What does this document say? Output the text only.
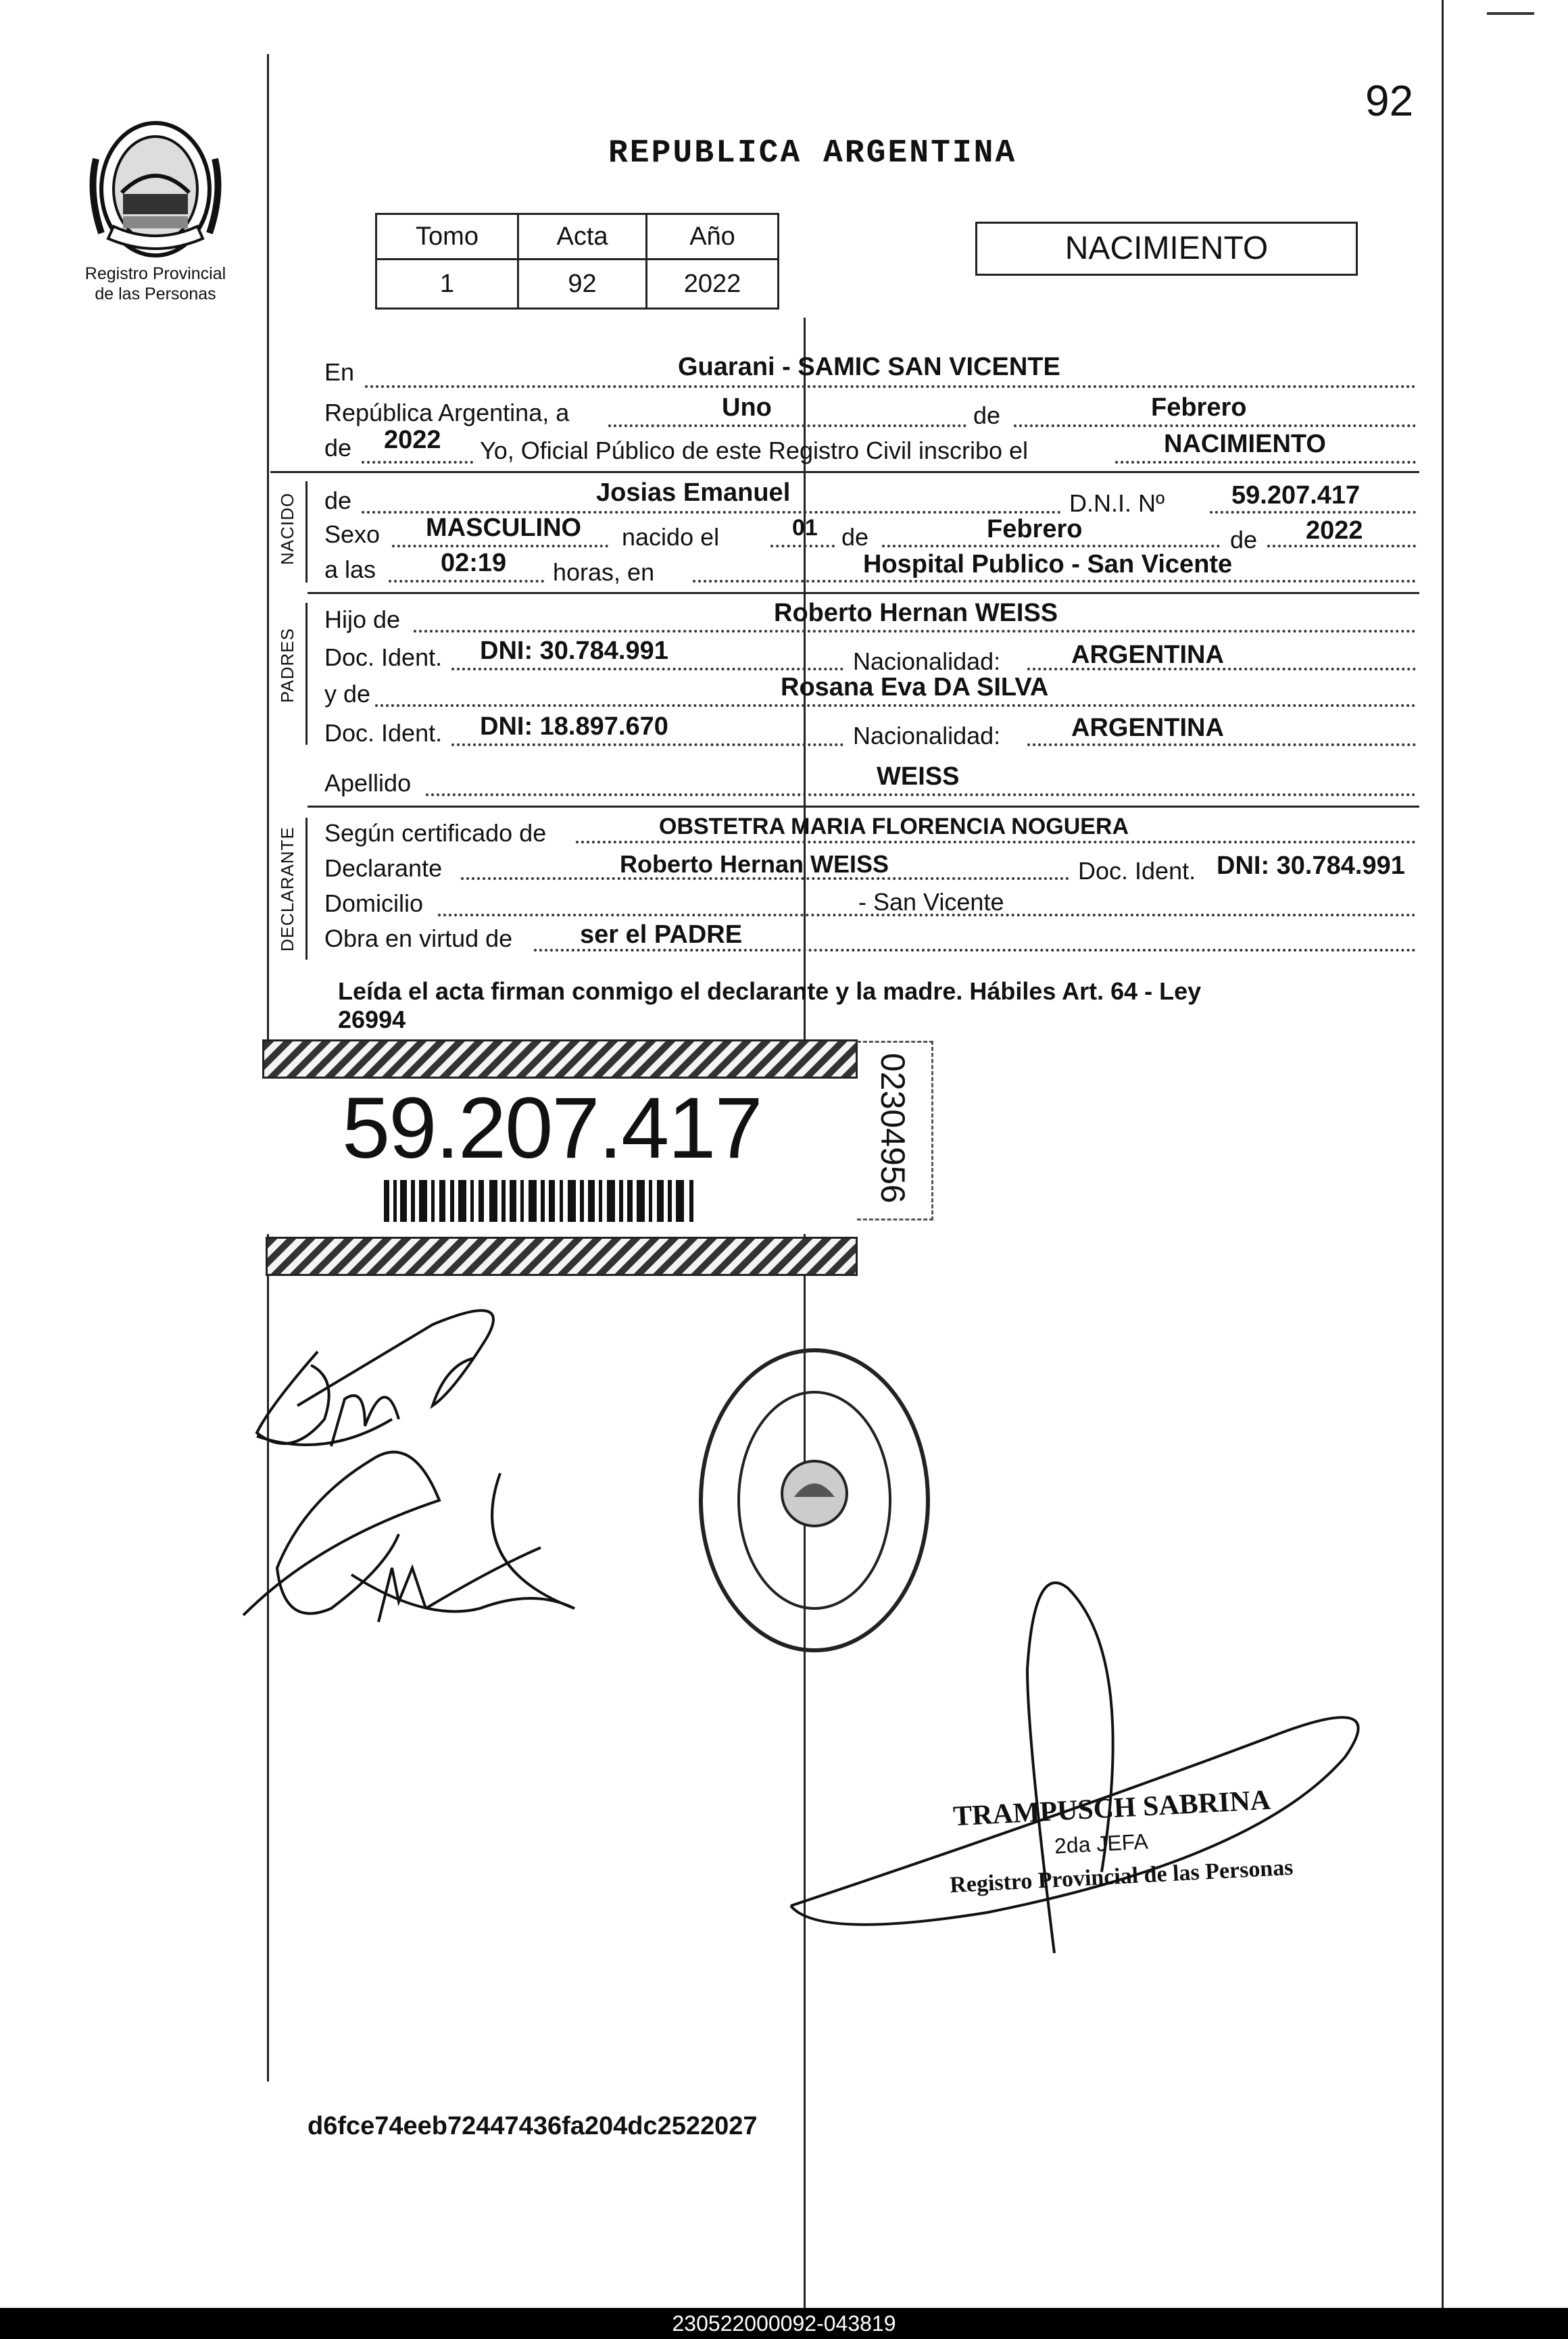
92
Registro Provincial
de las Personas
REPUBLICA ARGENTINA
Tomo	Acta	Año
1	92	2022
NACIMIENTO
En	Guarani - SAMIC SAN VICENTE
República Argentina, a	Uno	de	Febrero
de 2022 Yo, Oficial Público de este Registro Civil inscribo el	NACIMIENTO
NACIDO de	Josias Emanuel	D.N.I. Nº	59.207.417
Sexo MASCULINO nacido el	01 de	Febrero	de 2022
a las	02:19 horas, en	Hospital Publico - San Vicente
PADRES
Hijo de	Roberto Hernan WEISS
Doc. Ident. DNI: 30.784.991	Nacionalidad:	ARGENTINA
y de	Rosana Eva DA SILVA
Doc. Ident. DNI: 18.897.670	Nacionalidad:	ARGENTINA
Apellido	WEISS
DECLARANTE Según certificado de	OBSTETRA MARIA FLORENCIA NOGUERA
Declarante	Roberto Hernan WEISS	Doc. Ident. DNI: 30.784.991
Domicilio	- San Vicente
Obra en virtud de	ser el PADRE
Leída el acta firman conmigo el declarante y la madre. Hábiles Art. 64 - Ley
26994
59.207.417	02304956
TRAMPUSCH SABRINA
2da JEFA
Registro Provincial de las Personas
d6fce74eeb72447436fa204dc2522027
230522000092-043819
